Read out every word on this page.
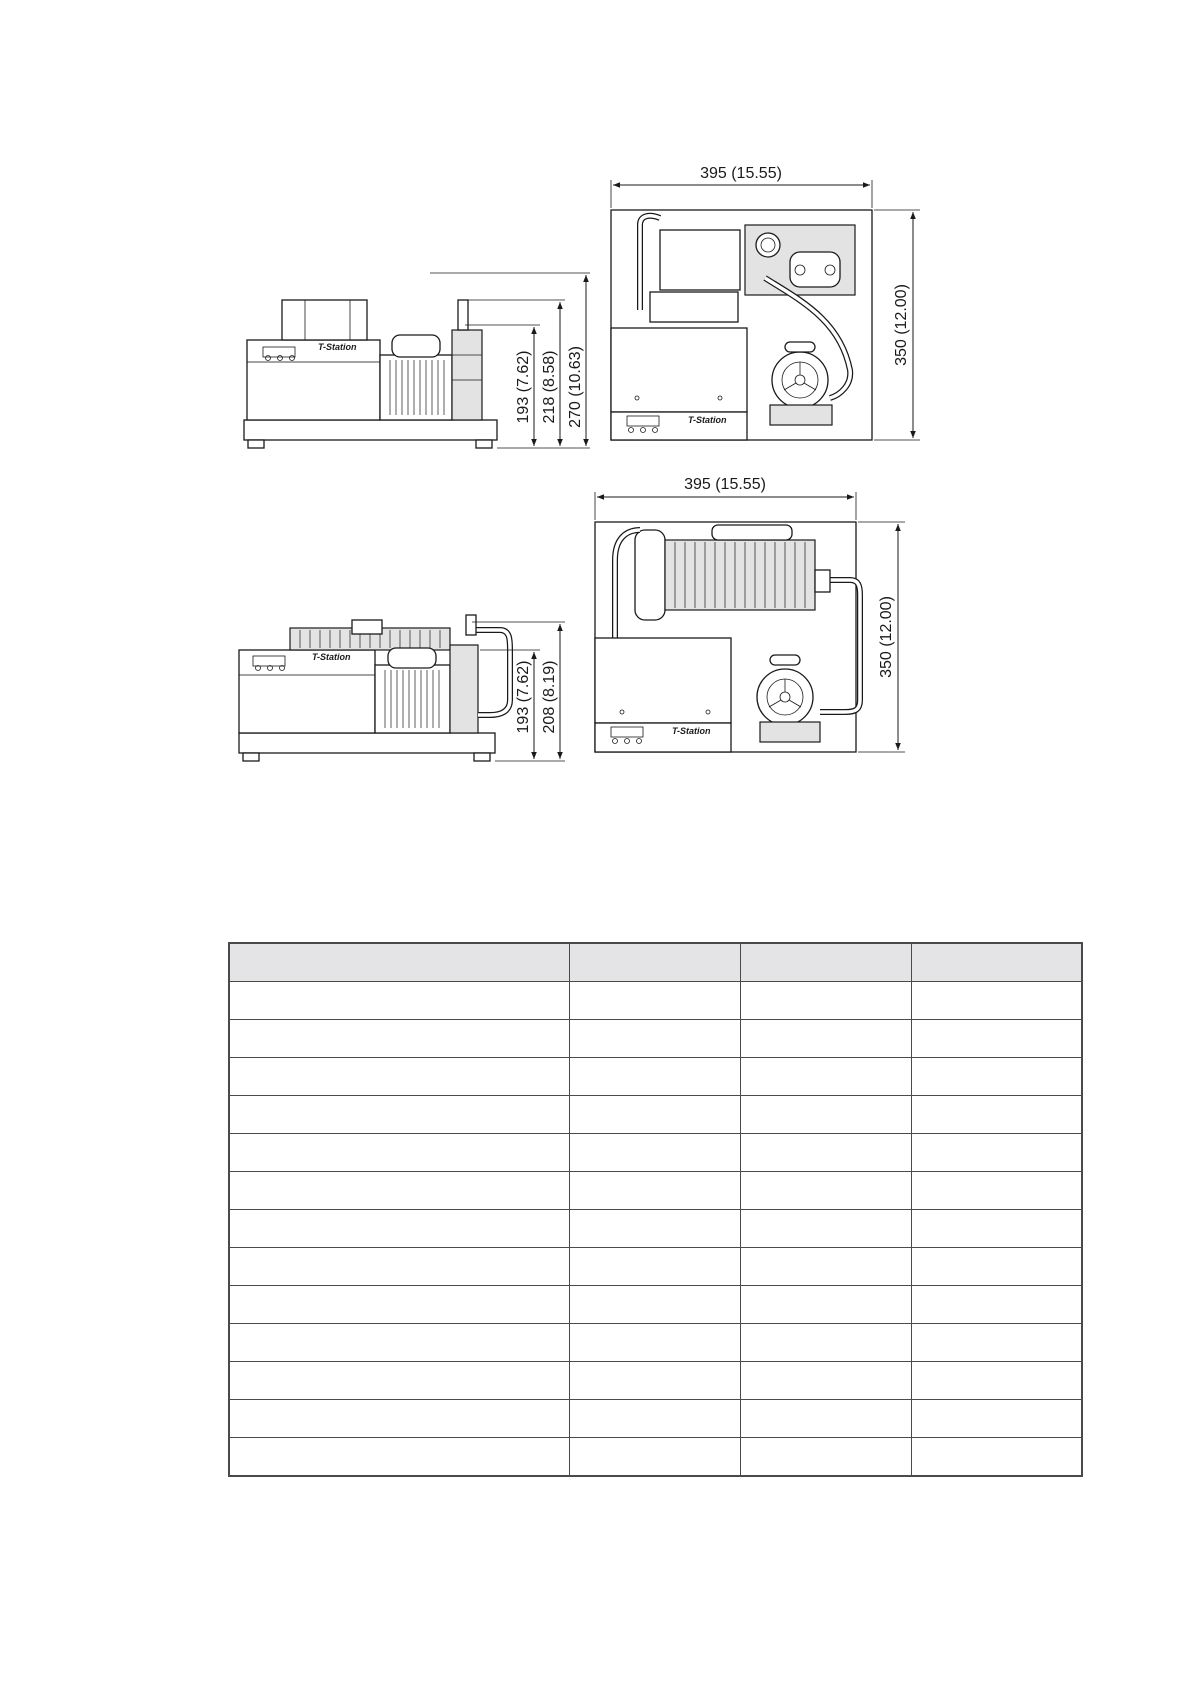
T-Station
193 (7.62) 218 (8.58) 270 (10.63)	T-Station
395 (15.55)
350 (12.00)
T-Station
193 (7.62) 208 (8.19)	T-Station
395 (15.55)
350 (12.00)
